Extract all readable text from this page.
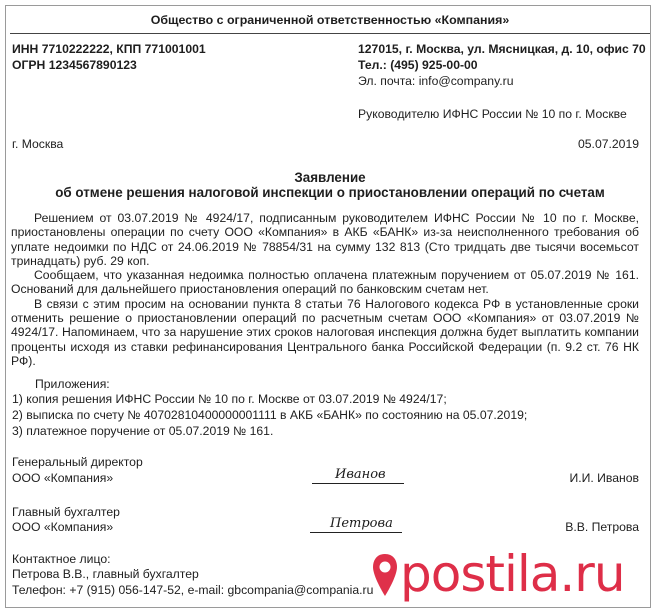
Общество с ограниченной ответственностью «Компания»
ИНН 7710222222, КПП 771001001
ОГРН 1234567890123
127015, г. Москва, ул. Мясницкая, д. 10, офис 70
Тел.: (495) 925-00-00
Эл. почта: info@company.ru
Руководителю ИФНС России № 10 по г. Москве
г. Москва	05.07.2019
Заявление
об отмене решения налоговой инспекции о приостановлении операций по счетам

Решением от 03.07.2019 № 4924/17, подписанным руководителем ИФНС России № 10 по г. Москве, приостановлены операции по счету ООО «Компания» в АКБ «БАНК» из-за неисполненного требования об уплате недоимки по НДС от 24.06.2019 № 78854/31 на сумму 132 813 (Сто тридцать две тысячи восемьсот тринадцать) руб. 29 коп.

Сообщаем, что указанная недоимка полностью оплачена платежным поручением от 05.07.2019 № 161. Оснований для дальнейшего приостановления операций по банковским счетам нет.

В связи с этим просим на основании пункта 8 статьи 76 Налогового кодекса РФ в установленные сроки отменить решение о приостановлении операций по расчетным счетам ООО «Компания» от 03.07.2019 № 4924/17. Напоминаем, что за нарушение этих сроков налоговая инспекция должна будет выплатить компании проценты исходя из ставки рефинансирования Центрального банка Российской Федерации (п. 9.2 ст. 76 НК РФ).

Приложения:
1) копия решения ИФНС России № 10 по г. Москве от 03.07.2019 № 4924/17;
2) выписка по счету № 40702810400000001111 в АКБ «БАНК» по состоянию на 05.07.2019;
3) платежное поручение от 05.07.2019 № 161.
Генеральный директор
ООО «Компания»	Иванов	И.И. Иванов
Главный бухгалтер
ООО «Компания»	Петрова	В.В. Петрова
Контактное лицо:
Петрова В.В., главный бухгалтер
Телефон: +7 (915) 056-147-52, e-mail: gbcompania@compania.ru postila.ru
